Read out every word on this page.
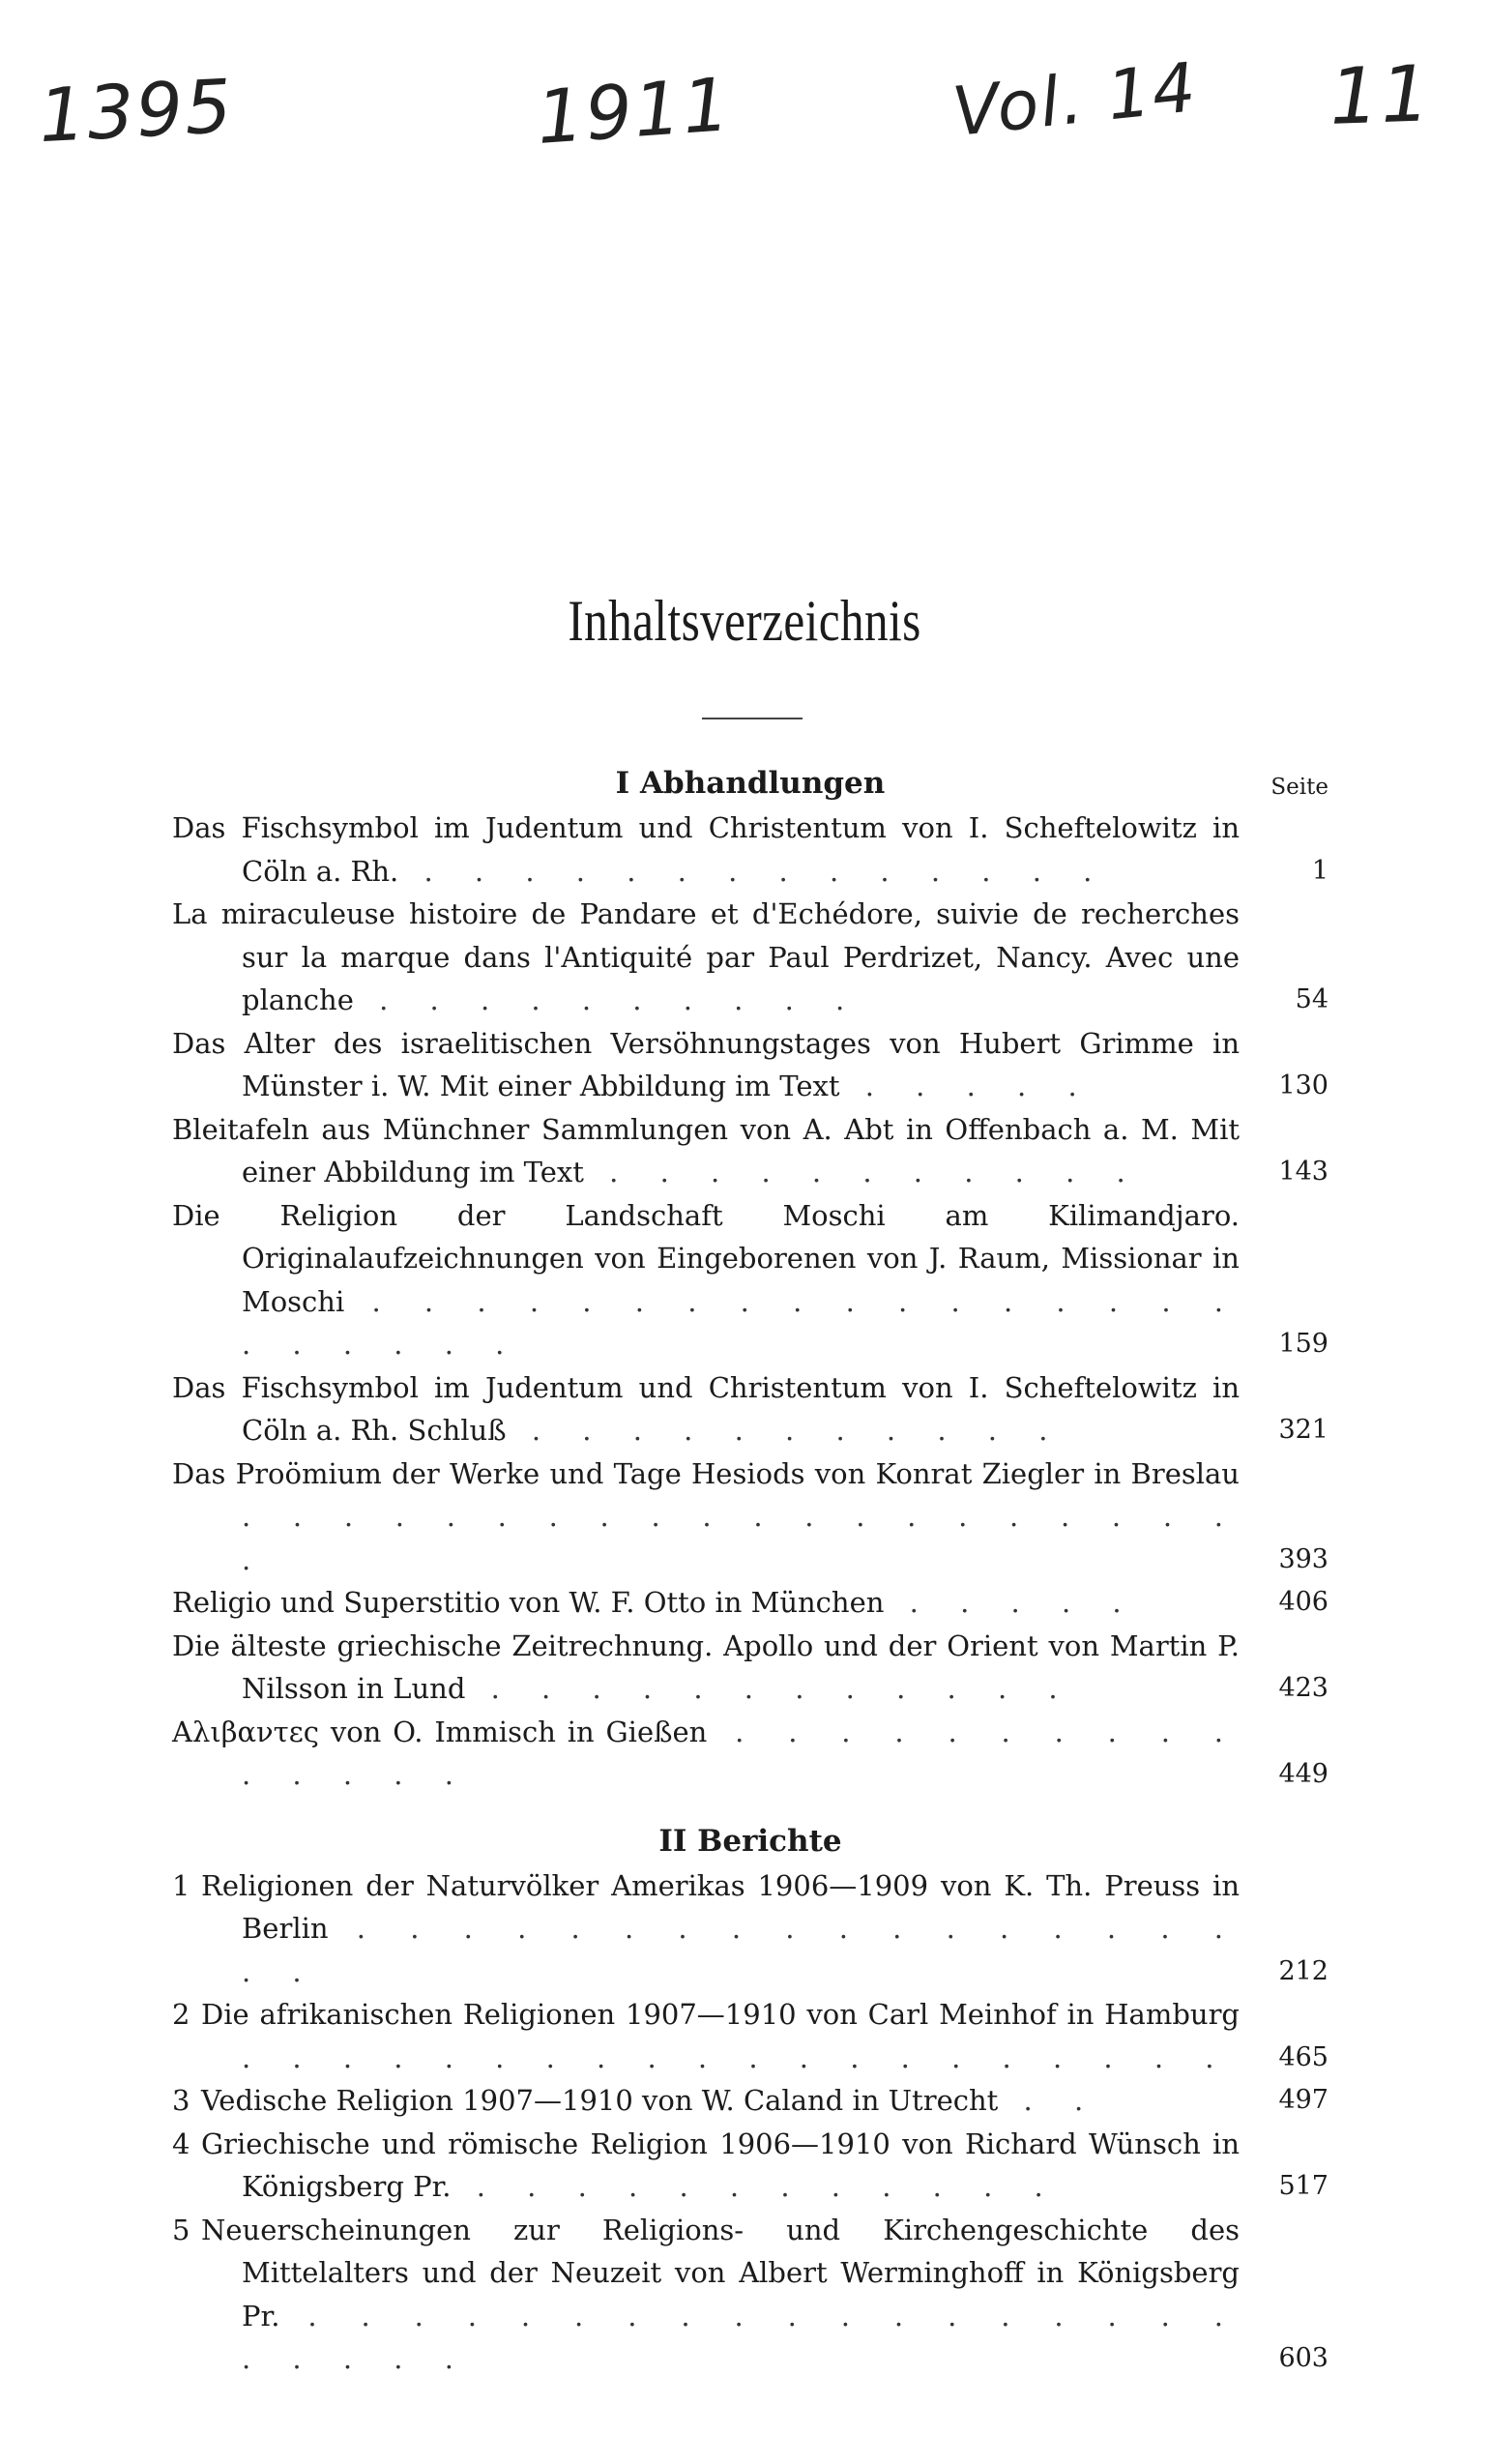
1395	1911	Vol. 14 11
Inhaltsverzeichnis
I Abhandlungen	Seite
Das Fischsymbol im Judentum und Christentum von I. Scheftelowitz in Cöln a. Rh. . . . . . . . . . . . . . .	1
La miraculeuse histoire de Pandare et d'Echédore, suivie de recherches sur la marque dans l'Antiquité par Paul Perdrizet, Nancy. Avec une planche . . . . . . . . . .	54
Das Alter des israelitischen Versöhnungstages von Hubert Grimme in Münster i. W. Mit einer Abbildung im Text . . . . .	130
Bleitafeln aus Münchner Sammlungen von A. Abt in Offenbach a. M. Mit einer Abbildung im Text . . . . . . . . . . .	143
Die Religion der Landschaft Moschi am Kilimandjaro. Originalaufzeichnungen von Eingeborenen von J. Raum, Missionar in Moschi . . . . . . . . . . . . . . . . . . . . . . .	159
Das Fischsymbol im Judentum und Christentum von I. Scheftelowitz in Cöln a. Rh. Schluß . . . . . . . . . . .	321
Das Proömium der Werke und Tage Hesiods von Konrat Ziegler in Breslau . . . . . . . . . . . . . . . . . . . . .	393
Religio und Superstitio von W. F. Otto in München . . . . .	406
Die älteste griechische Zeitrechnung. Apollo und der Orient von Martin P. Nilsson in Lund . . . . . . . . . . . .	423
Αλιβαντες von O. Immisch in Gießen . . . . . . . . . . . . . . .	449
II Berichte
1 Religionen der Naturvölker Amerikas 1906—1909 von K. Th. Preuss in Berlin . . . . . . . . . . . . . . . . . . .	212
2 Die afrikanischen Religionen 1907—1910 von Carl Meinhof in Hamburg . . . . . . . . . . . . . . . . . . . .	465
3 Vedische Religion 1907—1910 von W. Caland in Utrecht . .	497
4 Griechische und römische Religion 1906—1910 von Richard Wünsch in Königsberg Pr. . . . . . . . . . . . .	517
5 Neuerscheinungen zur Religions- und Kirchengeschichte des Mittelalters und der Neuzeit von Albert Werminghoff in Königsberg Pr. . . . . . . . . . . . . . . . . . . . . . . .	603
